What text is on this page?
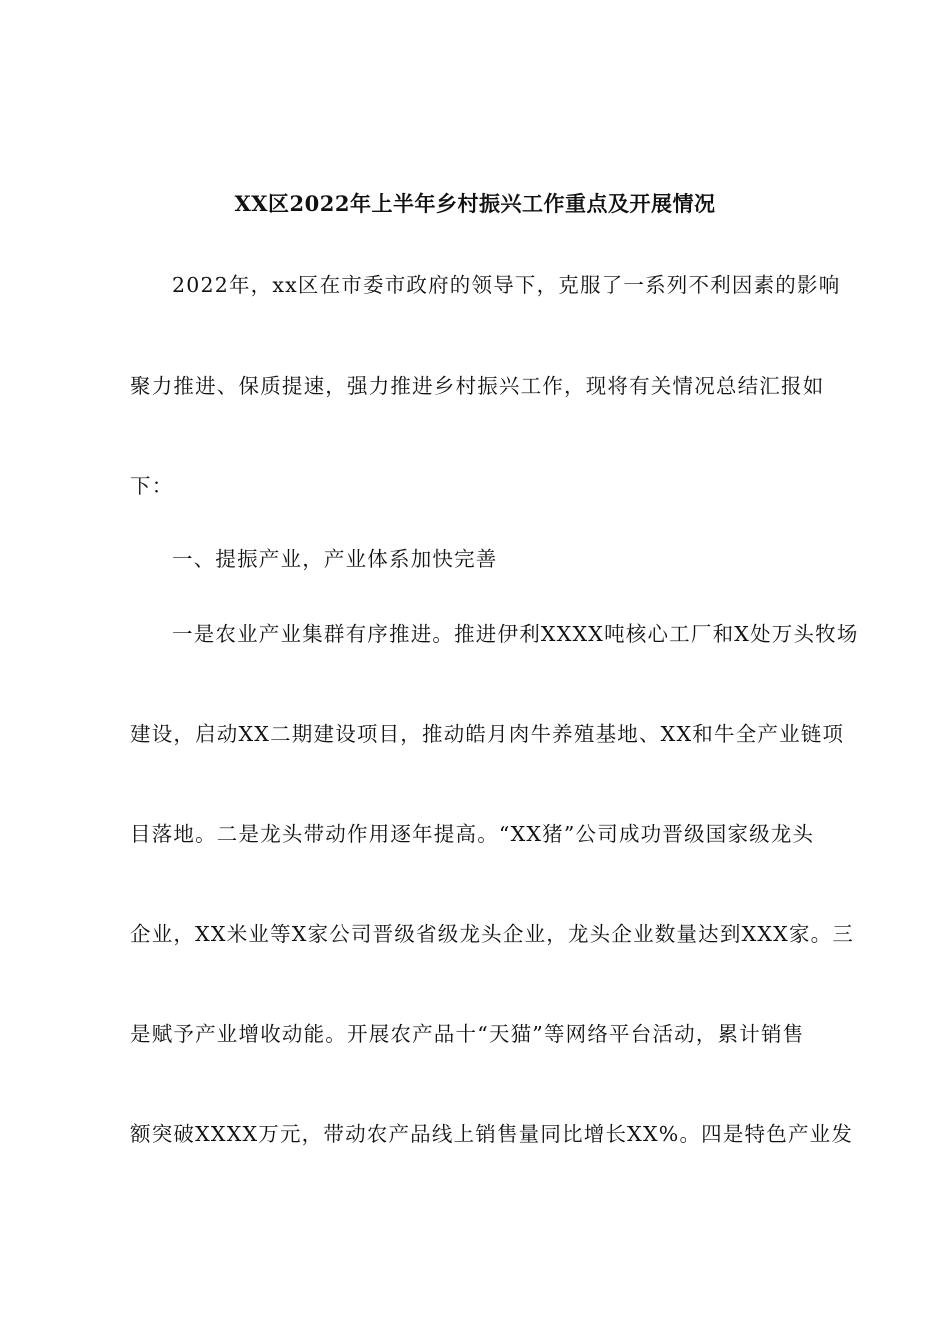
XX区2022年上半年乡村振兴工作重点及开展情况
2022年，xx区在市委市政府的领导下，克服了一系列不利因素的影响
聚力推进、保质提速，强力推进乡村振兴工作，现将有关情况总结汇报如
下：
一、提振产业，产业体系加快完善
一是农业产业集群有序推进。推进伊利XXXX吨核心工厂和X处万头牧场
建设，启动XX二期建设项目，推动皓月肉牛养殖基地、XX和牛全产业链项
目落地。二是龙头带动作用逐年提高。“XX猪”公司成功晋级国家级龙头
企业，XX米业等X家公司晋级省级龙头企业，龙头企业数量达到XXX家。三
是赋予产业增收动能。开展农产品十“天猫”等网络平台活动，累计销售
额突破XXXX万元，带动农产品线上销售量同比增长XX%。四是特色产业发
